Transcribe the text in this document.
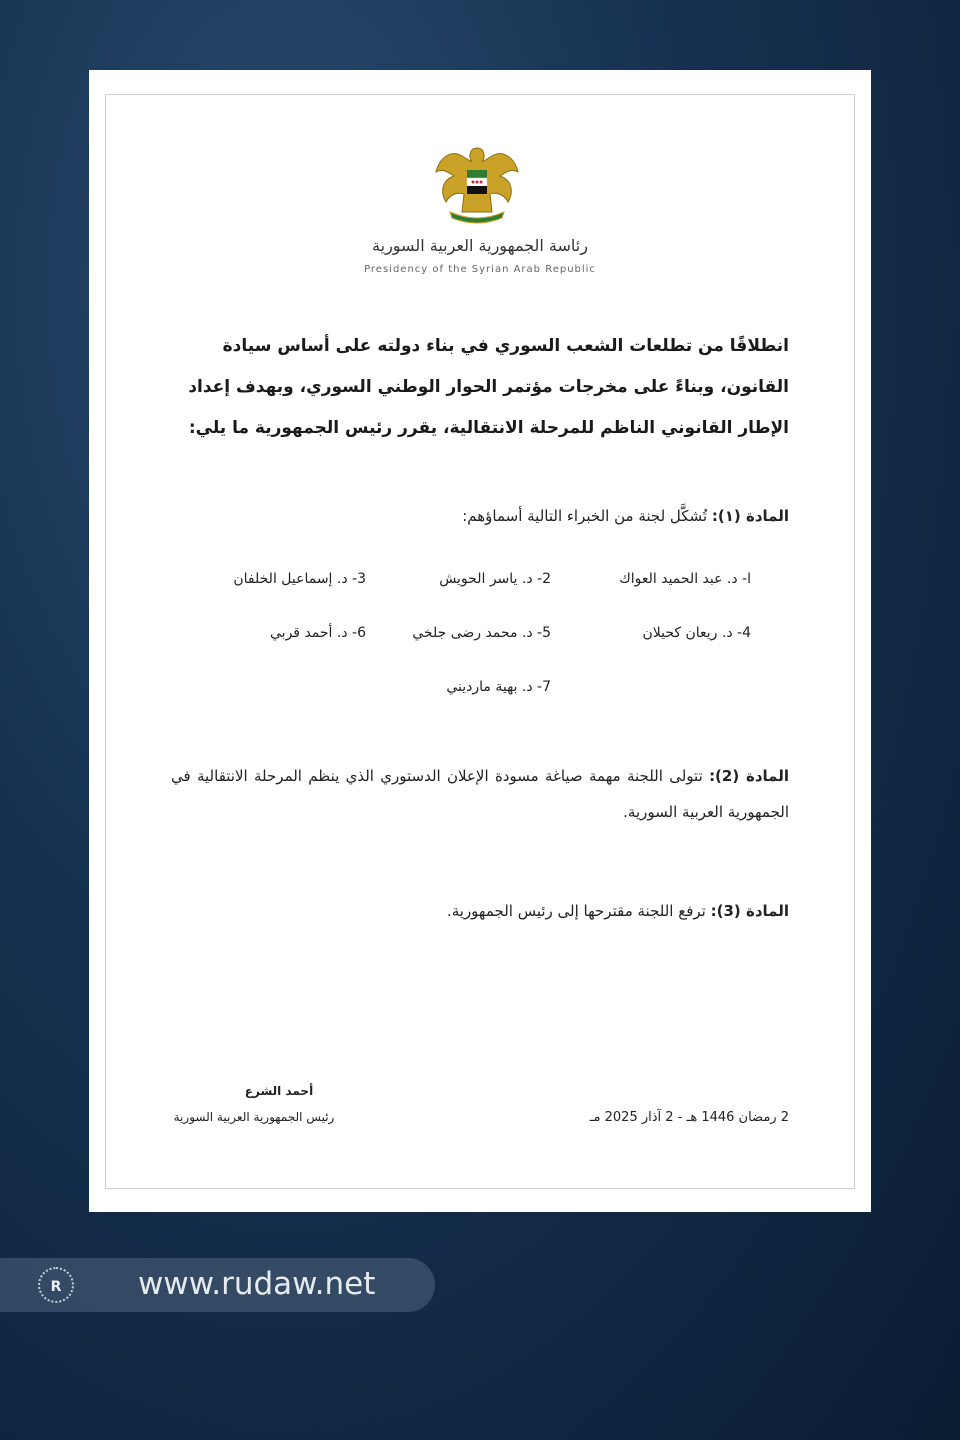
رئاسة الجمهورية العربية السورية
Presidency of the Syrian Arab Republic
انطلاقًا من تطلعات الشعب السوري في بناء دولته على أساس سيادة
القانون، وبناءً على مخرجات مؤتمر الحوار الوطني السوري، وبهدف إعداد
الإطار القانوني الناظم للمرحلة الانتقالية، يقرر رئيس الجمهورية ما يلي:
المادة (١): تُشكَّل لجنة من الخبراء التالية أسماؤهم:
ا- د. عبد الحميد العواك
2- د. ياسر الحويش
3- د. إسماعيل الخلفان
4- د. ريعان كحيلان
5- د. محمد رضى جلخي
6- د. أحمد قربي
7- د. بهية مارديني
المادة (2): تتولى اللجنة مهمة صياغة مسودة الإعلان الدستوري الذي ينظم المرحلة الانتقالية في الجمهورية العربية السورية.
المادة (3): ترفع اللجنة مقترحها إلى رئيس الجمهورية.
أحمد الشرع
رئيس الجمهورية العربية السورية	2 رمضان 1446 هـ - 2 آذار 2025 مـ
R	www.rudaw.net
